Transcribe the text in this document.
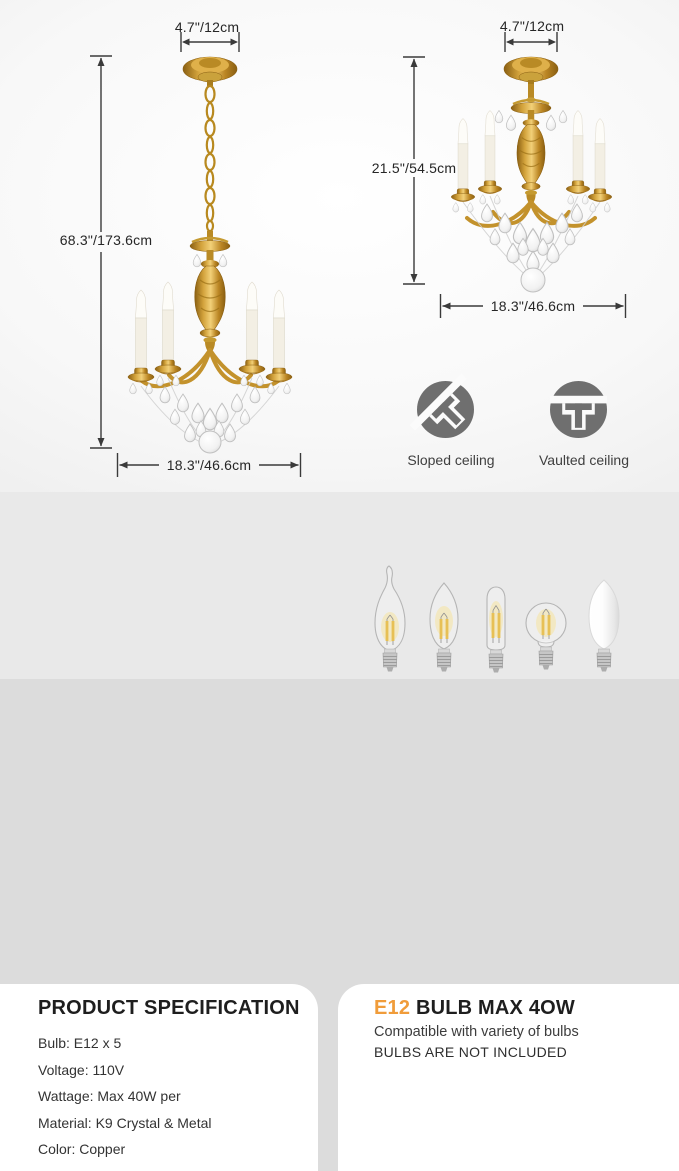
4.7"/12cm
68.3"/173.6cm
18.3"/46.6cm
4.7"/12cm
21.5"/54.5cm
18.3"/46.6cm
Sloped ceiling	Vaulted ceiling
PRODUCT SPECIFICATION
Bulb: E12 x 5
Voltage: 110V
Wattage: Max 40W per
Material: K9 Crystal & Metal
Color: Copper
E12 BULB MAX 4OW
Compatible with variety of bulbs
BULBS ARE NOT INCLUDED
